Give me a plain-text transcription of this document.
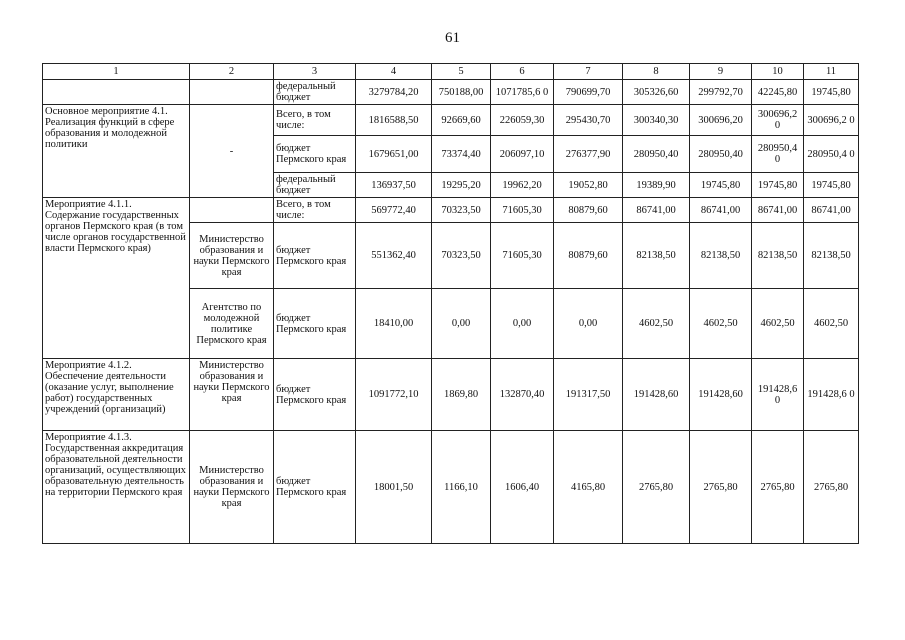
61
1	2	3	4	5	6	7	8	9	10	11
		федеральный бюджет	3279784,20	750188,00	1071785,6 0	790699,70	305326,60	299792,70	42245,80	19745,80
Основное мероприятие 4.1. Реализация функций в сфере образования и молодежной политики	-	Всего, в том числе:	1816588,50	92669,60	226059,30	295430,70	300340,30	300696,20	300696,2 0	300696,2 0
		бюджет Пермского края	1679651,00	73374,40	206097,10	276377,90	280950,40	280950,40	280950,4 0	280950,4 0
		федеральный бюджет	136937,50	19295,20	19962,20	19052,80	19389,90	19745,80	19745,80	19745,80
Мероприятие 4.1.1. Содержание государственных органов Пермского края (в том числе органов государственной власти Пермского края)		Всего, в том числе:	569772,40	70323,50	71605,30	80879,60	86741,00	86741,00	86741,00	86741,00
	Министерство образования и науки Пермского края	бюджет Пермского края	551362,40	70323,50	71605,30	80879,60	82138,50	82138,50	82138,50	82138,50
	Агентство по молодежной политике Пермского края	бюджет Пермского края	18410,00	0,00	0,00	0,00	4602,50	4602,50	4602,50	4602,50
Мероприятие 4.1.2. Обеспечение деятельности (оказание услуг, выполнение работ) государственных учреждений (организаций)	Министерство образования и науки Пермского края	бюджет Пермского края	1091772,10	1869,80	132870,40	191317,50	191428,60	191428,60	191428,6 0	191428,6 0
Мероприятие 4.1.3. Государственная аккредитация образовательной деятельности организаций, осуществляющих образовательную деятельность на территории Пермского края	Министерство образования и науки Пермского края	бюджет Пермского края	18001,50	1166,10	1606,40	4165,80	2765,80	2765,80	2765,80	2765,80
